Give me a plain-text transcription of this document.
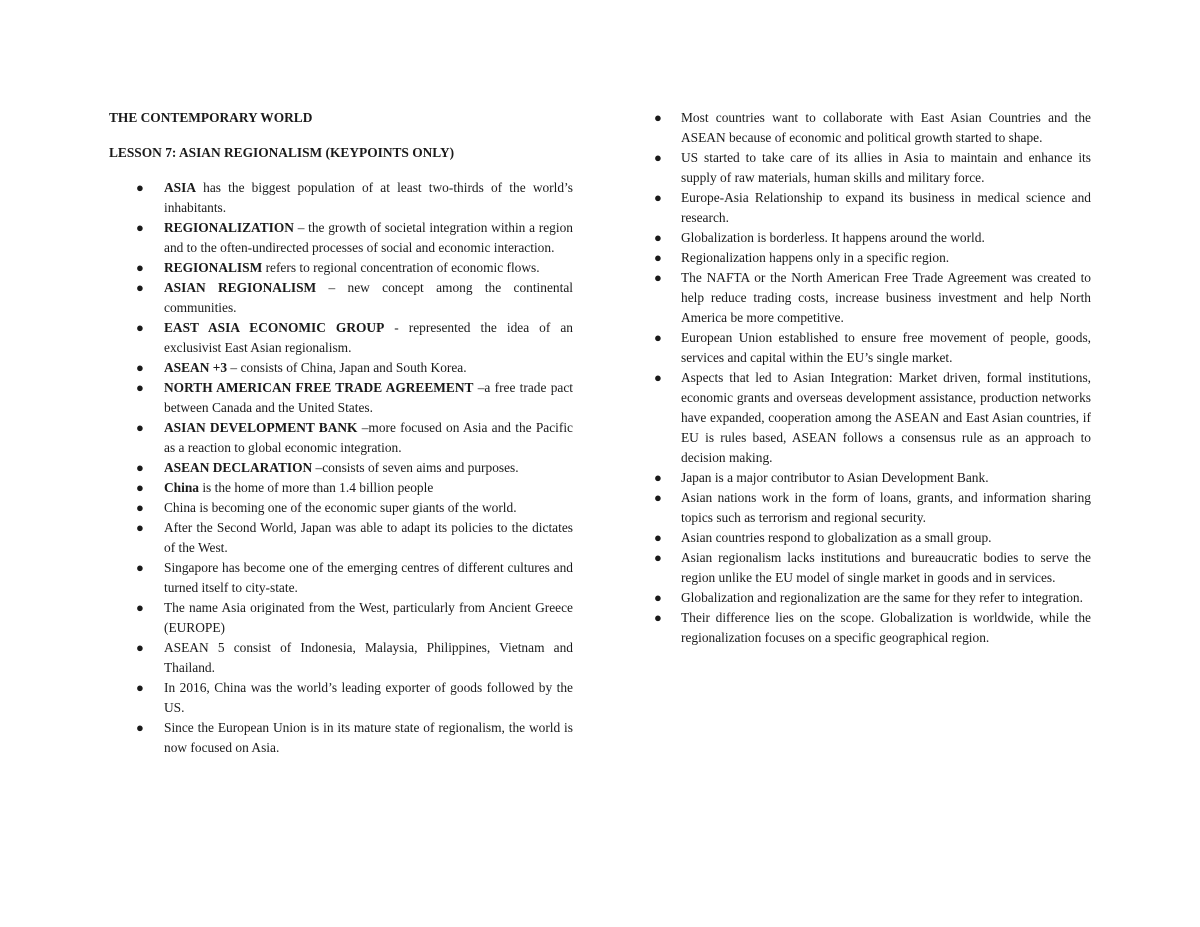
THE CONTEMPORARY WORLD

LESSON 7: ASIAN REGIONALISM (KEYPOINTS ONLY)

● ASIA has the biggest population of at least two-thirds of the world’s inhabitants.
● REGIONALIZATION – the growth of societal integration within a region and to the often-undirected processes of social and economic interaction.
● REGIONALISM refers to regional concentration of economic flows.
● ASIAN REGIONALISM – new concept among the continental communities.
● EAST ASIA ECONOMIC GROUP - represented the idea of an exclusivist East Asian regionalism.
● ASEAN +3 – consists of China, Japan and South Korea.
● NORTH AMERICAN FREE TRADE AGREEMENT –a free trade pact between Canada and the United States.
● ASIAN DEVELOPMENT BANK –more focused on Asia and the Pacific as a reaction to global economic integration.
● ASEAN DECLARATION –consists of seven aims and purposes.
● China is the home of more than 1.4 billion people
● China is becoming one of the economic super giants of the world.
● After the Second World, Japan was able to adapt its policies to the dictates of the West.
● Singapore has become one of the emerging centres of different cultures and turned itself to city-state.
● The name Asia originated from the West, particularly from Ancient Greece (EUROPE)
● ASEAN 5 consist of Indonesia, Malaysia, Philippines, Vietnam and Thailand.
● In 2016, China was the world’s leading exporter of goods followed by the US.
● Since the European Union is in its mature state of regionalism, the world is now focused on Asia.
● Most countries want to collaborate with East Asian Countries and the ASEAN because of economic and political growth started to shape.
● US started to take care of its allies in Asia to maintain and enhance its supply of raw materials, human skills and military force.
● Europe-Asia Relationship to expand its business in medical science and research.
● Globalization is borderless. It happens around the world.
● Regionalization happens only in a specific region.
● The NAFTA or the North American Free Trade Agreement was created to help reduce trading costs, increase business investment and help North America be more competitive.
● European Union established to ensure free movement of people, goods, services and capital within the EU’s single market.
● Aspects that led to Asian Integration: Market driven, formal institutions, economic grants and overseas development assistance, production networks have expanded, cooperation among the ASEAN and East Asian countries, if EU is rules based, ASEAN follows a consensus rule as an approach to decision making.
● Japan is a major contributor to Asian Development Bank.
● Asian nations work in the form of loans, grants, and information sharing topics such as terrorism and regional security.
● Asian countries respond to globalization as a small group.
● Asian regionalism lacks institutions and bureaucratic bodies to serve the region unlike the EU model of single market in goods and in services.
● Globalization and regionalization are the same for they refer to integration.
● Their difference lies on the scope. Globalization is worldwide, while the regionalization focuses on a specific geographical region.
